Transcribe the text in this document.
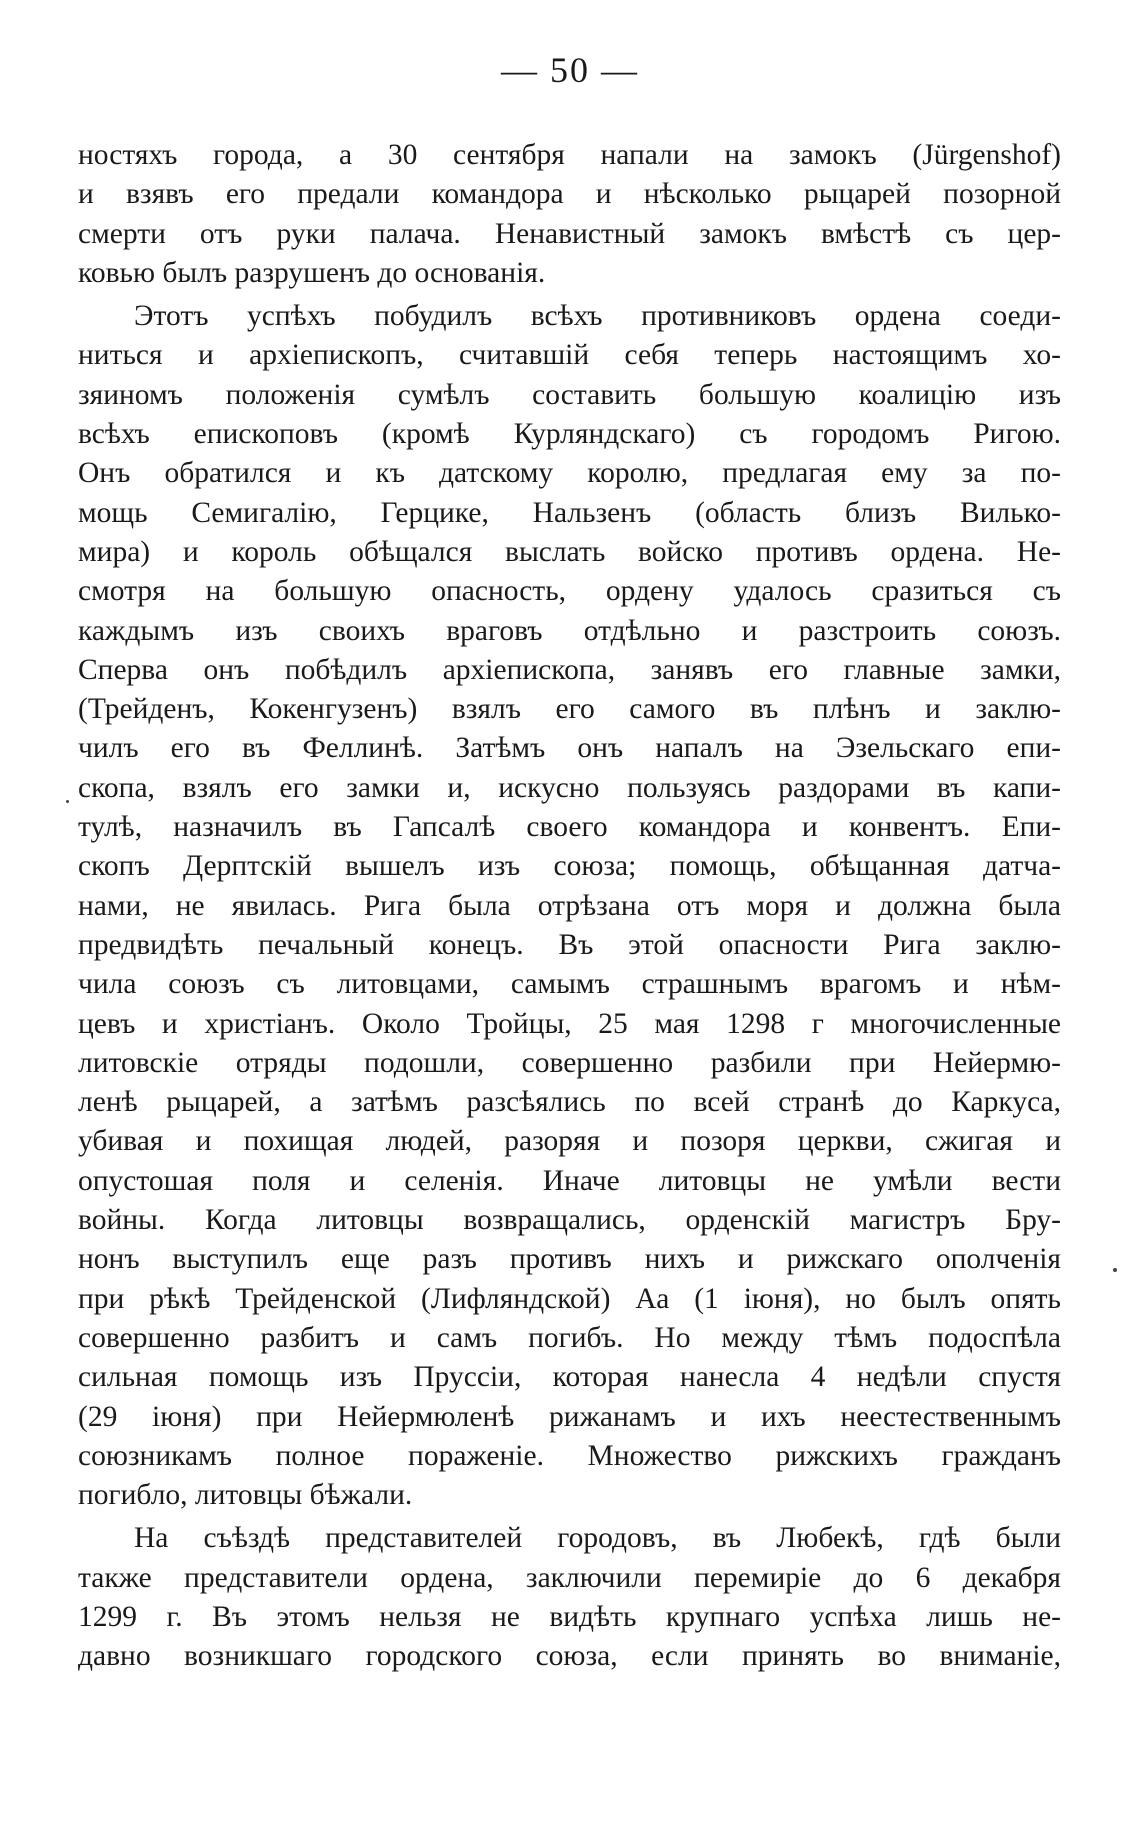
— 50 —
ностяхъ города, а 30 сентября напали на замокъ (Jürgenshof)
и взявъ его предали командора и нѣсколько рыцарей позорной
смерти отъ руки палача. Ненавистный замокъ вмѣстѣ съ цер-
ковью былъ разрушенъ до основанія.
Этотъ успѣхъ побудилъ всѣхъ противниковъ ордена соеди-
ниться и архіепископъ, считавшій себя теперь настоящимъ хо-
зяиномъ положенія сумѣлъ составить большую коалицію изъ
всѣхъ епископовъ (кромѣ Курляндскаго) съ городомъ Ригою.
Онъ обратился и къ датскому королю, предлагая ему за по-
мощь Семигалію, Герцике, Нальзенъ (область близъ Вилько-
мира) и король обѣщался выслать войско противъ ордена. Не-
смотря на большую опасность, ордену удалось сразиться съ
каждымъ изъ своихъ враговъ отдѣльно и разстроить союзъ.
Сперва онъ побѣдилъ архіепископа, занявъ его главные замки,
(Трейденъ, Кокенгузенъ) взялъ его самого въ плѣнъ и заклю-
чилъ его въ Феллинѣ. Затѣмъ онъ напалъ на Эзельскаго епи-
скопа, взялъ его замки и, искусно пользуясь раздорами въ капи-
тулѣ, назначилъ въ Гапсалѣ своего командора и конвентъ. Епи-
скопъ Дерптскій вышелъ изъ союза; помощь, обѣщанная датча-
нами, не явилась. Рига была отрѣзана отъ моря и должна была
предвидѣть печальный конецъ. Въ этой опасности Рига заклю-
чила союзъ съ литовцами, самымъ страшнымъ врагомъ и нѣм-
цевъ и христіанъ. Около Тройцы, 25 мая 1298 г многочисленные
литовскіе отряды подошли, совершенно разбили при Нейермю-
ленѣ рыцарей, а затѣмъ разсѣялись по всей странѣ до Каркуса,
убивая и похищая людей, разоряя и позоря церкви, сжигая и
опустошая поля и селенія. Иначе литовцы не умѣли вести
войны. Когда литовцы возвращались, орденскій магистръ Бру-
нонъ выступилъ еще разъ противъ нихъ и рижскаго ополченія
при рѣкѣ Трейденской (Лифляндской) Аа (1 іюня), но былъ опять
совершенно разбитъ и самъ погибъ. Но между тѣмъ подоспѣла
сильная помощь изъ Пруссіи, которая нанесла 4 недѣли спустя
(29 іюня) при Нейермюленѣ рижанамъ и ихъ неестественнымъ
союзникамъ полное пораженіе. Множество рижскихъ гражданъ
погибло, литовцы бѣжали.
На съѣздѣ представителей городовъ, въ Любекѣ, гдѣ были
также представители ордена, заключили перемиріе до 6 декабря
1299 г. Въ этомъ нельзя не видѣть крупнаго успѣха лишь не-
давно возникшаго городского союза, если принять во вниманіе,
